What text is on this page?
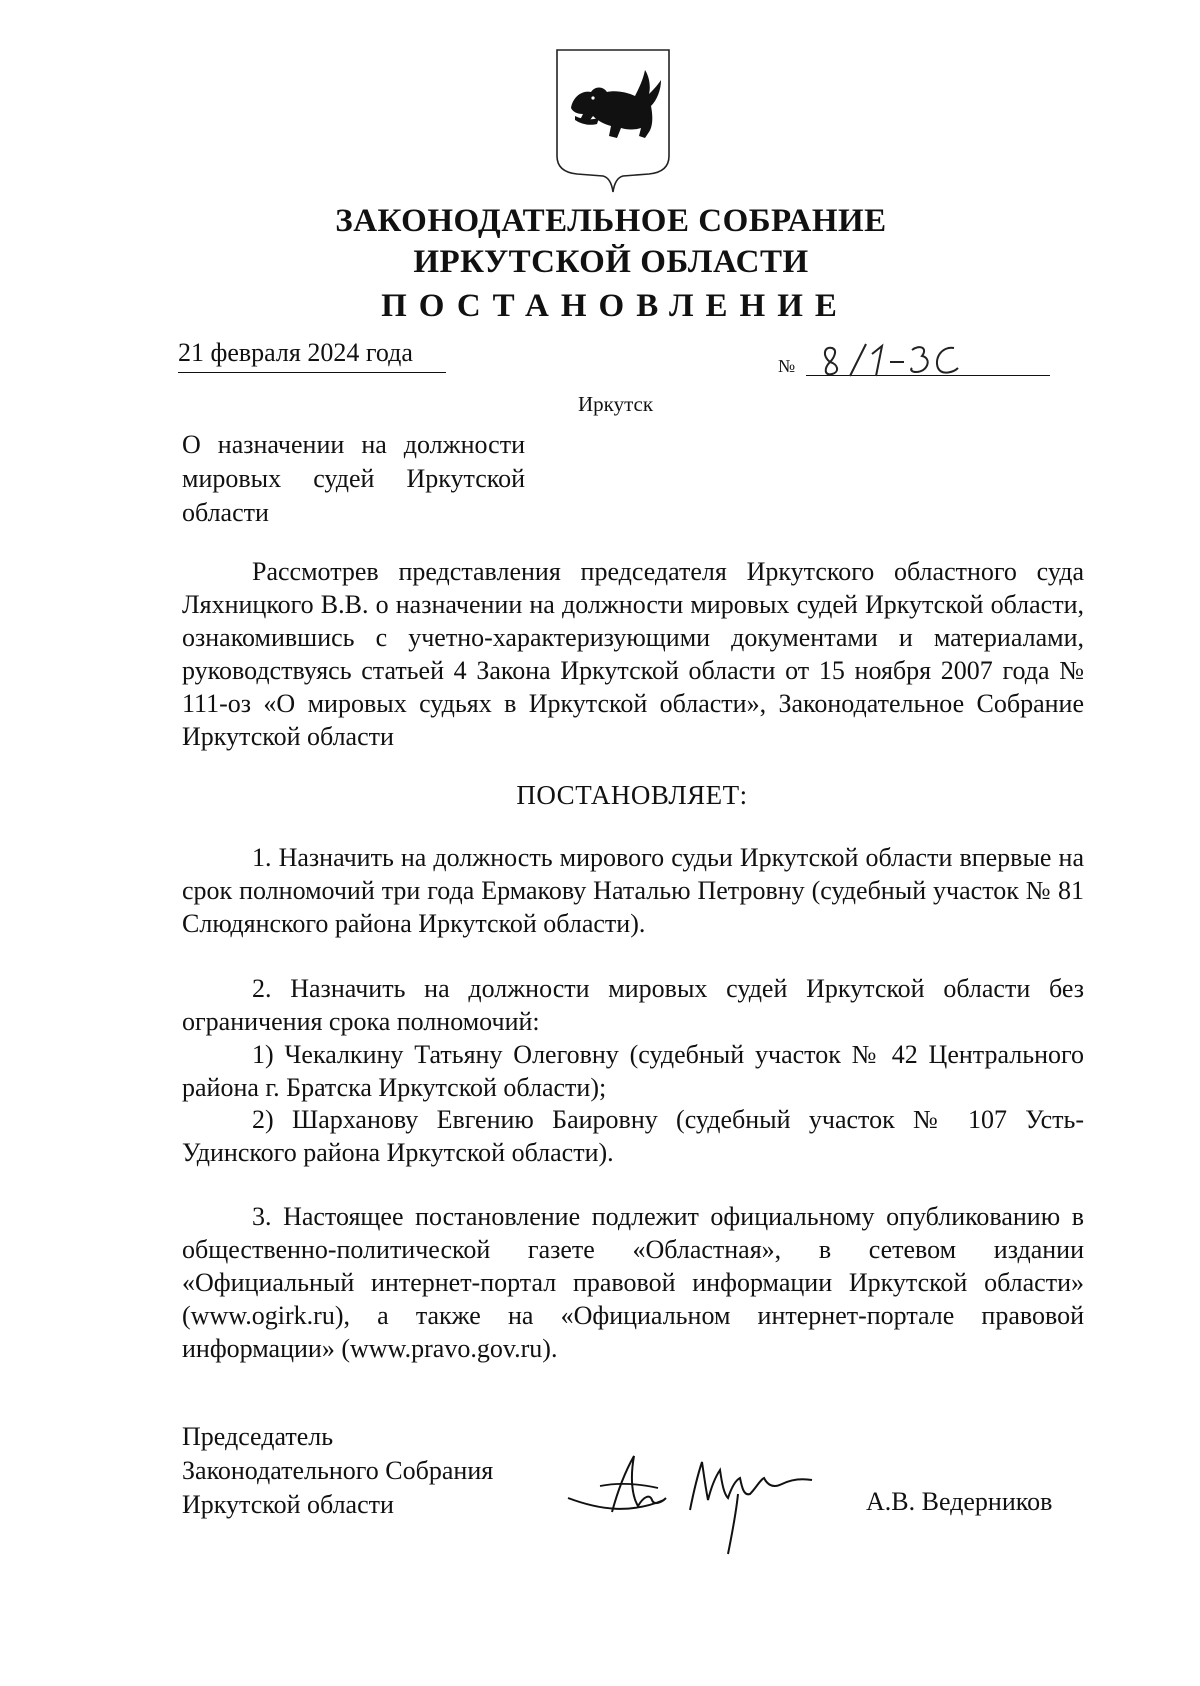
ЗАКОНОДАТЕЛЬНОЕ СОБРАНИЕ
ИРКУТСКОЙ ОБЛАСТИ
ПОСТАНОВЛЕНИЕ
21 февраля 2024 года	№
Иркутск
О назначении на должности мировых судей Иркутской области
Рассмотрев представления председателя Иркутского областного суда Ляхницкого В.В. о назначении на должности мировых судей Иркутской области, ознакомившись с учетно-характеризующими документами и материалами, руководствуясь статьей 4 Закона Иркутской области от 15 ноября 2007 года № 111-оз «О мировых судьях в Иркутской области», Законодательное Собрание Иркутской области
ПОСТАНОВЛЯЕТ:
1. Назначить на должность мирового судьи Иркутской области впервые на срок полномочий три года Ермакову Наталью Петровну (судебный участок № 81 Слюдянского района Иркутской области).
2. Назначить на должности мировых судей Иркутской области без ограничения срока полномочий:
1) Чекалкину Татьяну Олеговну (судебный участок № 42 Центрального района г. Братска Иркутской области);
2) Шарханову Евгению Баировну (судебный участок № 107 Усть-Удинского района Иркутской области).
3. Настоящее постановление подлежит официальному опубликованию в общественно-политической газете «Областная», в сетевом издании «Официальный интернет-портал правовой информации Иркутской области» (www.ogirk.ru), а также на «Официальном интернет-портале правовой информации» (www.pravo.gov.ru).
Председатель
Законодательного Собрания
Иркутской области	А.В. Ведерников
